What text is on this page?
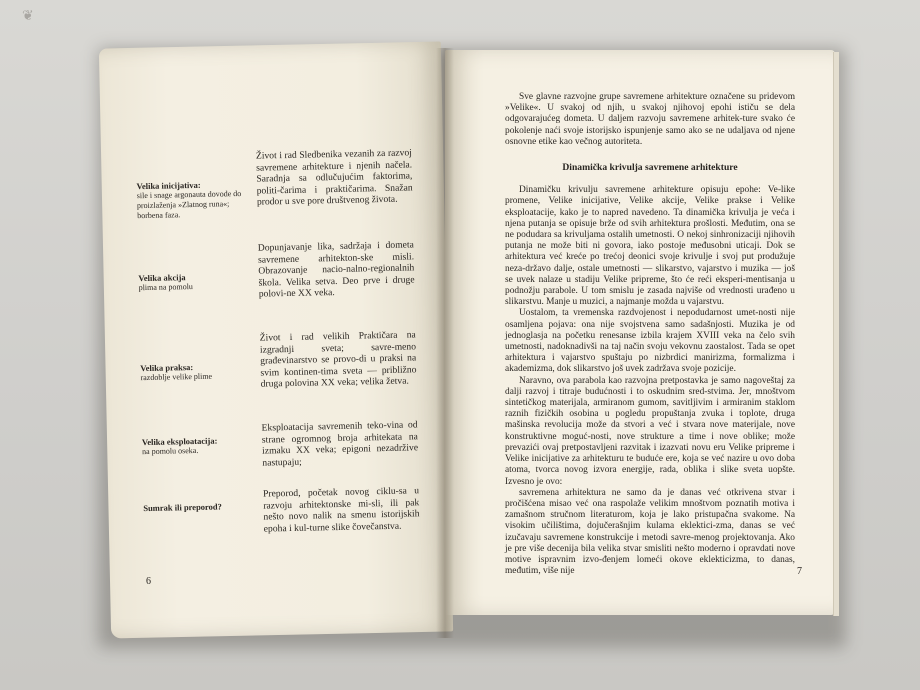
❦
Velika inicijativa:
sile i snage argonauta dovode do proizlaženja »Zlatnog runa«; borbena faza.
Život i rad Sledbenika vezanih za razvoj savremene arhitekture i njenih načela. Saradnja sa odlučujućim faktorima, politi-čarima i praktičarima. Snažan prodor u sve pore društvenog života.
Velika akcija
plima na pomolu
Dopunjavanje lika, sadržaja i dometa savremene arhitekton-ske misli. Obrazovanje nacio-nalno-regionalnih škola. Velika setva. Deo prve i druge polovi-ne XX veka.
Velika praksa:
razdoblje velike plime
Život i rad velikih Praktičara na izgradnji sveta; savre-meno građevinarstvo se provo-di u praksi na svim kontinen-tima sveta — približno druga polovina XX veka; velika žetva.
Velika eksploatacija:
na pomolu oseka.
Eksploatacija savremenih teko-vina od strane ogromnog broja arhitekata na izmaku XX veka; epigoni nezadržive nastupaju;
Sumrak ili preporod?
Preporod, početak novog ciklu-sa u razvoju arhitektonske mi-sli, ili pak nešto novo nalik na smenu istorijskih epoha i kul-turne slike čovečanstva.
6

Sve glavne razvojne grupe savremene arhitekture označene su pridevom »Velike«. U svakoj od njih, u svakoj njihovoj epohi ističu se dela odgovarajućeg dometa. U daljem razvoju savremene arhitek-ture svako će pokolenje naći svoje istorijsko ispunjenje samo ako se ne udaljava od njene osnovne etike kao večnog autoriteta.

Dinamička krivulja savremene arhitekture

Dinamičku krivulju savremene arhitekture opisuju epohe: Ve-like promene, Velike inicijative, Velike akcije, Velike prakse i Velike eksploatacije, kako je to napred navedeno. Ta dinamička krivulja je veća i njena putanja se opisuje brže od svih arhitektura prošlosti. Međutim, ona se ne podudara sa krivuljama ostalih umetnosti. O nekoj sinhronizaciji njihovih putanja ne može biti ni govora, iako postoje međusobni uticaji. Dok se arhitektura već kreće po trećoj deonici svoje krivulje i svoj put produžuje neza-državo dalje, ostale umetnosti — slikarstvo, vajarstvo i muzika — još se uvek nalaze u stadiju Velike pripreme, što će reći eksperi-mentisanja u podnožju parabole. U tom smislu je zasada najviše od vrednosti urađeno u slikarstvu. Manje u muzici, a najmanje možda u vajarstvu.

Uostalom, ta vremenska razdvojenost i nepodudarnost umet-nosti nije osamljena pojava: ona nije svojstvena samo sadašnjosti. Muzika je od jednoglasja na početku renesanse izbila krajem XVIII veka na čelo svih umetnosti, nadoknadivši na taj način svoju vekovnu zaostalost. Tada se opet arhitektura i vajarstvo spuštaju po nizbrdici manirizma, formalizma i akademizma, dok slikarstvo još uvek zadržava svoje pozicije.

Naravno, ova parabola kao razvojna pretpostavka je samo nagoveštaj za dalji razvoj i titraje budućnosti i to oskudnim sred-stvima. Jer, mnoštvom sintetičkog materijala, armiranom gumom, savitljivim i armiranim staklom raznih fizičkih osobina u pogledu propuštanja zvuka i toplote, druga mašinska revolucija može da stvori a već i stvara nove materijale, nove konstruktivne moguć-nosti, nove strukture a time i nove oblike; može prevazići ovaj pretpostavljeni razvitak i izazvati novu eru Velike pripreme i Velike inicijative za arhitekturu te buduće ere, koja se već nazire u ovo doba atoma, tvorca novog izvora energije, rada, oblika i slike sveta uopšte. Izvesno je ovo:

savremena arhitektura ne samo da je danas već otkrivena stvar i pročišćena misao već ona raspolaže velikim mnoštvom poznatih motiva i zamašnom stručnom literaturom, koja je lako pristupačna svakome. Na visokim učilištima, dojučerašnjim kulama eklektici-zma, danas se već izučavaju savremene konstrukcije i metodi savre-menog projektovanja. Ako je pre više decenija bila velika stvar smisliti nešto moderno i opravdati nove motive ispravnim izvo-đenjem lomeći okove eklekticizma, to danas, međutim, više nije	7
